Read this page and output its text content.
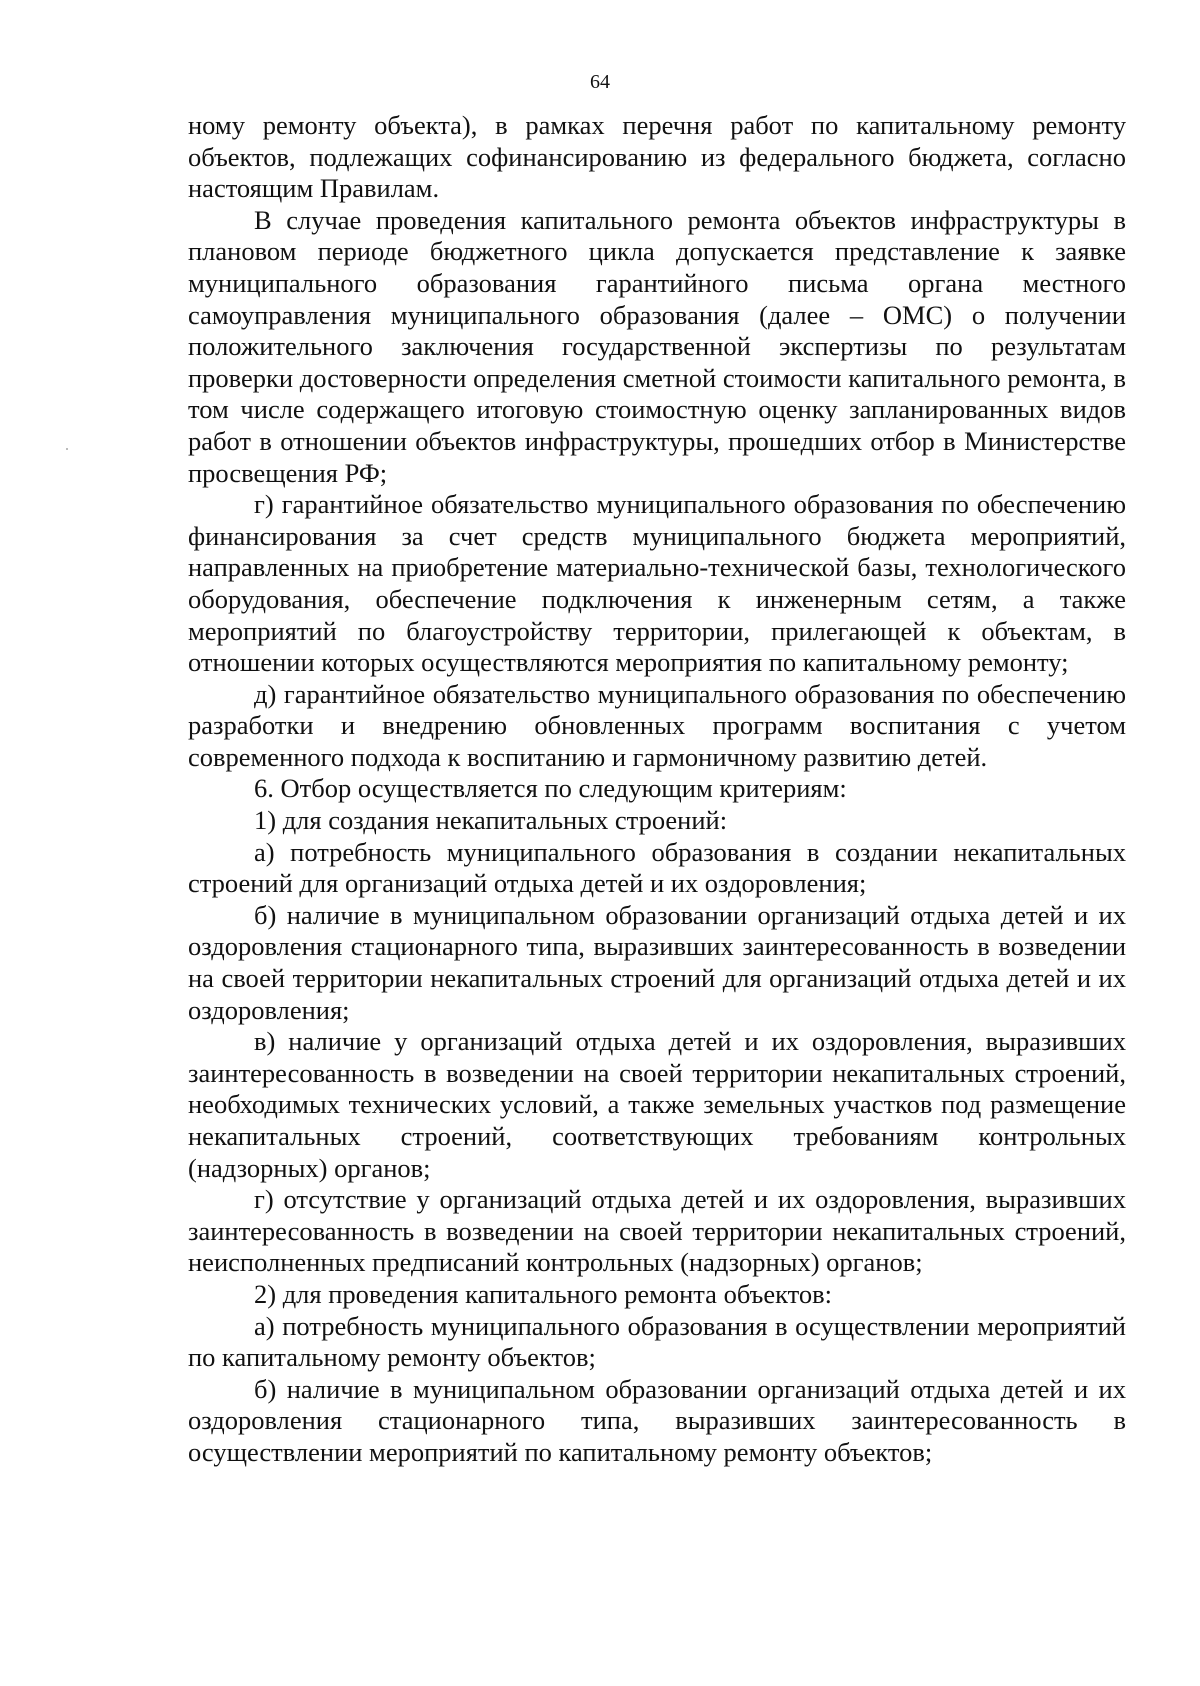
64

ному ремонту объекта), в рамках перечня работ по капитальному ремонту объектов, подлежащих софинансированию из федерального бюджета, согласно настоящим Правилам.

В случае проведения капитального ремонта объектов инфраструктуры в плановом периоде бюджетного цикла допускается представление к заявке муниципального образования гарантийного письма органа местного самоуправления муниципального образования (далее – ОМС) о получении положительного заключения государственной экспертизы по результатам проверки достоверности определения сметной стоимости капитального ремонта, в том числе содержащего итоговую стоимостную оценку запланированных видов работ в отношении объектов инфраструктуры, прошедших отбор в Министерстве просвещения РФ;

г) гарантийное обязательство муниципального образования по обеспечению финансирования за счет средств муниципального бюджета мероприятий, направленных на приобретение материально-технической базы, технологического оборудования, обеспечение подключения к инженерным сетям, а также мероприятий по благоустройству территории, прилегающей к объектам, в отношении которых осуществляются мероприятия по капитальному ремонту;

д) гарантийное обязательство муниципального образования по обеспечению разработки и внедрению обновленных программ воспитания с учетом современного подхода к воспитанию и гармоничному развитию детей.

6. Отбор осуществляется по следующим критериям:

1) для создания некапитальных строений:

а) потребность муниципального образования в создании некапитальных строений для организаций отдыха детей и их оздоровления;

б) наличие в муниципальном образовании организаций отдыха детей и их оздоровления стационарного типа, выразивших заинтересованность в возведении на своей территории некапитальных строений для организаций отдыха детей и их оздоровления;

в) наличие у организаций отдыха детей и их оздоровления, выразивших заинтересованность в возведении на своей территории некапитальных строений, необходимых технических условий, а также земельных участков под размещение некапитальных строений, соответствующих требованиям контрольных (надзорных) органов;

г) отсутствие у организаций отдыха детей и их оздоровления, выразивших заинтересованность в возведении на своей территории некапитальных строений, неисполненных предписаний контрольных (надзорных) органов;

2) для проведения капитального ремонта объектов:

а) потребность муниципального образования в осуществлении мероприятий по капитальному ремонту объектов;

б) наличие в муниципальном образовании организаций отдыха детей и их оздоровления стационарного типа, выразивших заинтересованность в осуществлении мероприятий по капитальному ремонту объектов;
